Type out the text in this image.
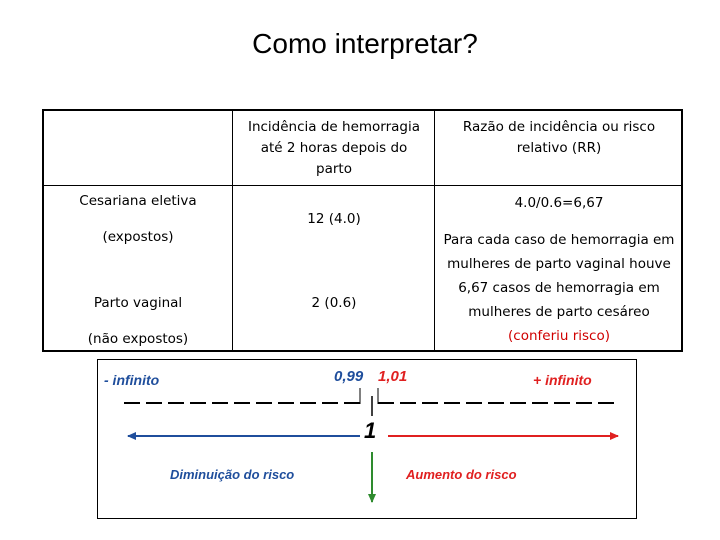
Como interpretar?
Incidência de hemorragia até 2 horas depois do parto
Razão de incidência ou risco relativo (RR)
Cesariana eletiva
(expostos)
12 (4.0)
Parto vaginal
(não expostos)
2 (0.6)
4.0/0.6=6,67
Para cada caso de hemorragia em mulheres de parto vaginal houve 6,67 casos de hemorragia em mulheres de parto cesáreo (conferiu risco)
- infinito	+ infinito
0,99 1,01
1
Diminuição do risco	Aumento do risco
